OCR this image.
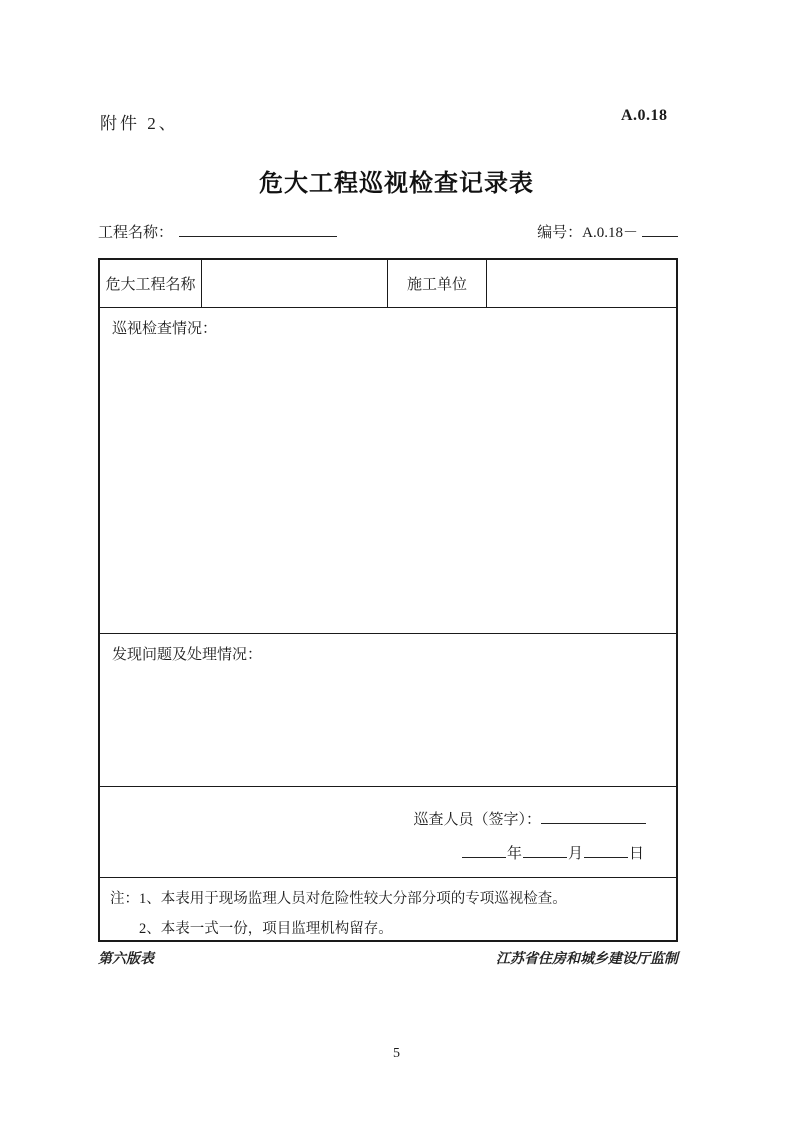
附件 2、	A.0.18
危大工程巡视检查记录表
工程名称：	编号：A.0.18－
危大工程名称	施工单位
巡视检查情况：
发现问题及处理情况：
巡查人员（签字）：
年	月	日
注：1、本表用于现场监理人员对危险性较大分部分项的专项巡视检查。
2、本表一式一份，项目监理机构留存。
第六版表	江苏省住房和城乡建设厅监制
5
